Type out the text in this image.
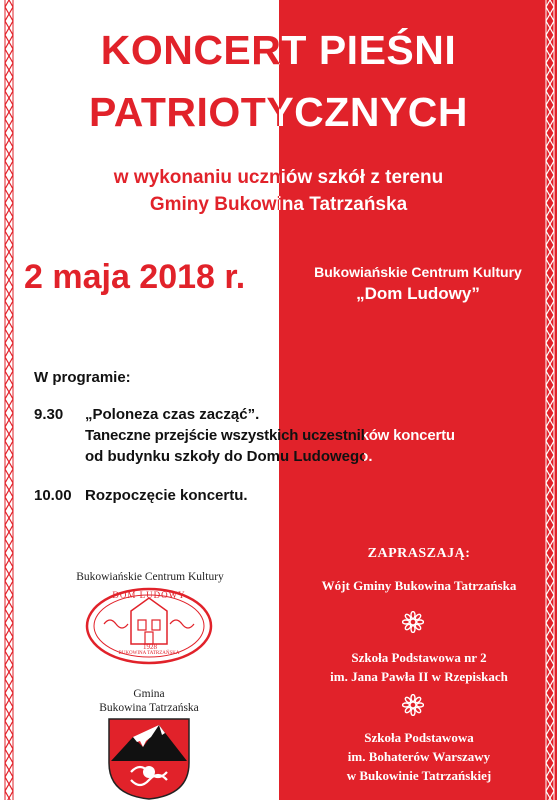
KONCERT PIEŚNI
PATRIOTYCZNYCH
w wykonaniu uczniów szkół z terenu
Gminy Bukowina Tatrzańska
2 maja 2018 r.	Bukowiańskie Centrum Kultury
„Dom Ludowy”
W programie:
9.30 „Poloneza czas zacząć”.
Taneczne przejście wszystkich uczestników koncertu
od budynku szkoły do Domu Ludowego.
10.00 Rozpoczęcie koncertu.
Bukowiańskie Centrum Kultury
DOM LUDOWY
BUKOWINA TATRZAŃSKA
1928
Gmina
Bukowina Tatrzańska
ZAPRASZAJĄ:
Wójt Gminy Bukowina Tatrzańska
Szkoła Podstawowa nr 2
im. Jana Pawła II w Rzepiskach
Szkoła Podstawowa
im. Bohaterów Warszawy
w Bukowinie Tatrzańskiej
